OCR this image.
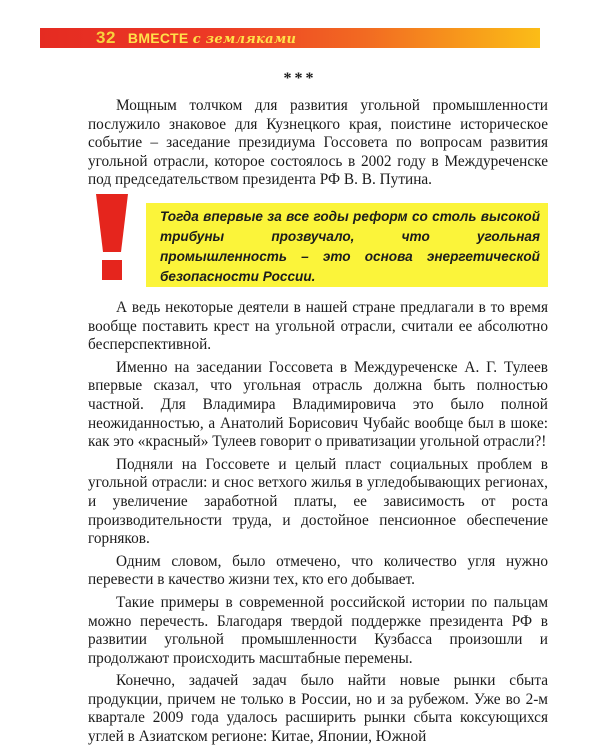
32 ВМЕСТЕ с земляками
***

Мощным толчком для развития угольной промышленности послужило знаковое для Кузнецкого края, поистине историческое событие – заседание президиума Госсовета по вопросам развития угольной отрасли, которое состоялось в 2002 году в Междуреченске под председательством президента РФ В. В. Путина.

Тогда впервые за все годы реформ со столь высокой трибуны прозвучало, что угольная промышленность – это основа энергетической безопасности России.

А ведь некоторые деятели в нашей стране предлагали в то время вообще поставить крест на угольной отрасли, считали ее абсолютно бесперспективной.

Именно на заседании Госсовета в Междуреченске А. Г. Тулеев впервые сказал, что угольная отрасль должна быть полностью частной. Для Владимира Владимировича это было полной неожиданностью, а Анатолий Борисович Чубайс вообще был в шоке: как это «красный» Тулеев говорит о приватизации угольной отрасли?!

Подняли на Госсовете и целый пласт социальных проблем в угольной отрасли: и снос ветхого жилья в угледобывающих регионах, и увеличение заработной платы, ее зависимость от роста производительности труда, и достойное пенсионное обеспечение горняков.

Одним словом, было отмечено, что количество угля нужно перевести в качество жизни тех, кто его добывает.

Такие примеры в современной российской истории по пальцам можно перечесть. Благодаря твердой поддержке президента РФ в развитии угольной промышленности Кузбасса произошли и продолжают происходить масштабные перемены.

Конечно, задачей задач было найти новые рынки сбыта продукции, причем не только в России, но и за рубежом. Уже во 2-м квартале 2009 года удалось расширить рынки сбыта коксующихся углей в Азиатском регионе: Китае, Японии, Южной
